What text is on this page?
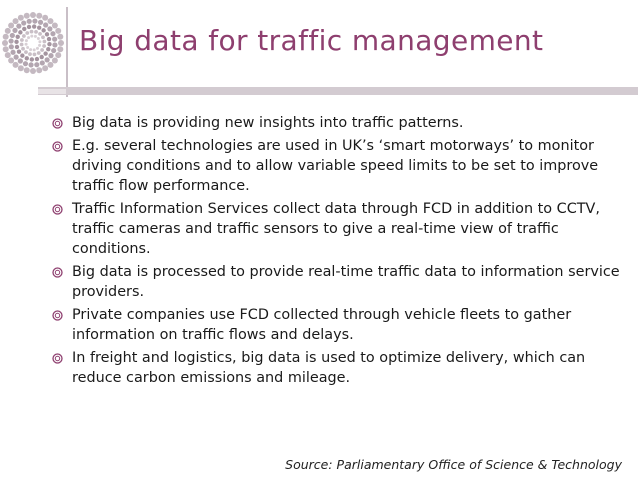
Big data for traffic management
Big data is providing new insights into traffic patterns.
E.g. several technologies are used in UK’s ‘smart motorways’ to monitor driving conditions and to allow variable speed limits to be set to improve traffic flow performance.
Traffic Information Services collect data through FCD in addition to CCTV, traffic cameras and traffic sensors to give a real-time view of traffic conditions.
Big data is processed to provide real-time traffic data to information service providers.
Private companies use FCD collected through vehicle fleets to gather information on traffic flows and delays.
In freight and logistics, big data is used to optimize delivery, which can reduce carbon emissions and mileage.
Source: Parliamentary Office of Science & Technology
